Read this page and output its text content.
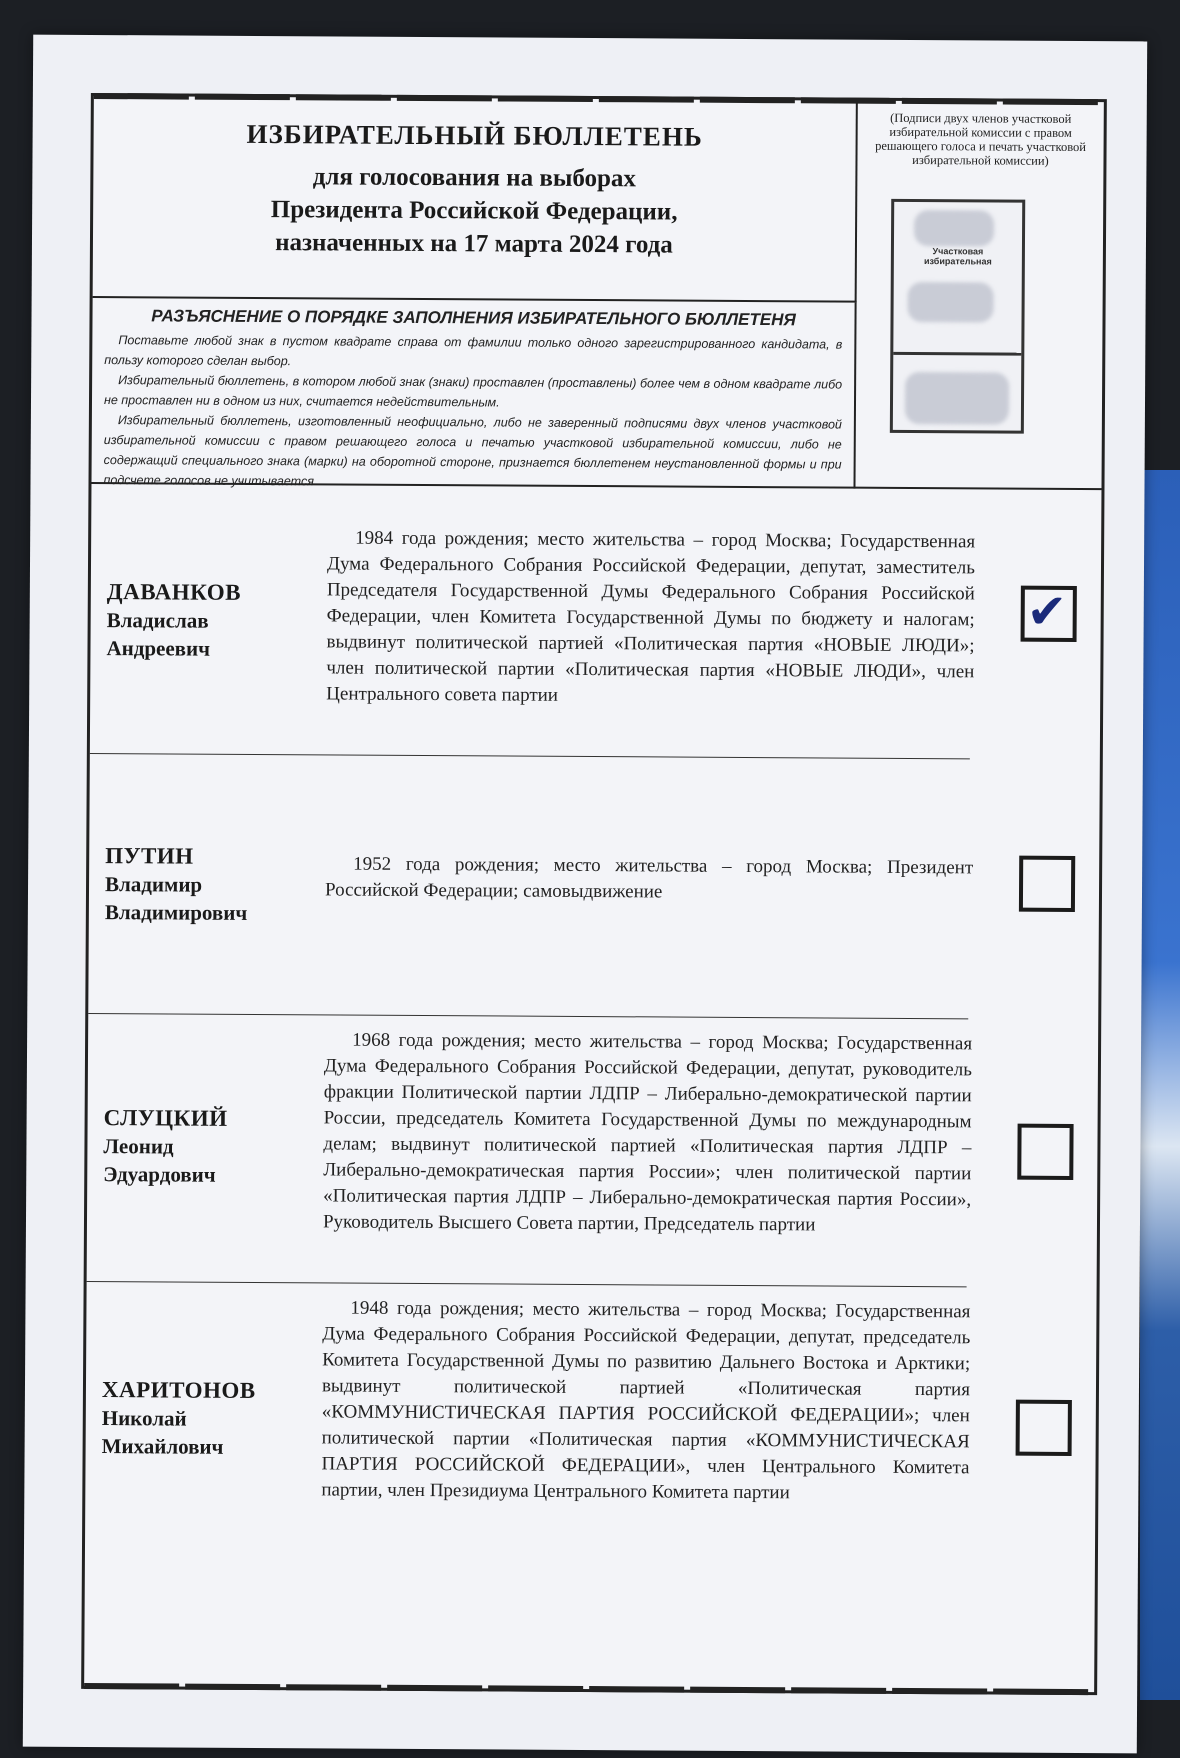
ИЗБИРАТЕЛЬНЫЙ БЮЛЛЕТЕНЬ
для голосования на выборах
Президента Российской Федерации,
назначенных на 17 марта 2024 года
РАЗЪЯСНЕНИЕ О ПОРЯДКЕ ЗАПОЛНЕНИЯ ИЗБИРАТЕЛЬНОГО БЮЛЛЕТЕНЯ

Поставьте любой знак в пустом квадрате справа от фамилии только одного зарегистрированного кандидата, в пользу которого сделан выбор.

Избирательный бюллетень, в котором любой знак (знаки) проставлен (проставлены) более чем в одном квадрате либо не проставлен ни в одном из них, считается недействительным.

Избирательный бюллетень, изготовленный неофициально, либо не заверенный подписями двух членов участковой избирательной комиссии с правом решающего голоса и печатью участковой избирательной комиссии, либо не содержащий специального знака (марки) на оборотной стороне, признается бюллетенем неустановленной формы и при подсчете голосов не учитывается

(Подписи двух членов участковой избирательной комиссии с правом решающего голоса и печать участковой избирательной комиссии)
Участковая избирательная
ДАВАНКОВ
Владислав
Андреевич
1984 года рождения; место жительства – город Москва; Государственная Дума Федерального Собрания Российской Федерации, депутат, заместитель Председателя Государственной Думы Федерального Собрания Российской Федерации, член Комитета Государственной Думы по бюджету и налогам; выдвинут политической партией «Политическая партия «НОВЫЕ ЛЮДИ»; член политической партии «Политическая партия «НОВЫЕ ЛЮДИ», член Центрального совета партии
✔
ПУТИН
Владимир
Владимирович
1952 года рождения; место жительства – город Москва; Президент Российской Федерации; самовыдвижение
СЛУЦКИЙ
Леонид
Эдуардович
1968 года рождения; место жительства – город Москва; Государственная Дума Федерального Собрания Российской Федерации, депутат, руководитель фракции Политической партии ЛДПР – Либерально-демократической партии России, председатель Комитета Государственной Думы по международным делам; выдвинут политической партией «Политическая партия ЛДПР – Либерально-демократическая партия России»; член политической партии «Политическая партия ЛДПР – Либерально-демократическая партия России», Руководитель Высшего Совета партии, Председатель партии
ХАРИТОНОВ
Николай
Михайлович
1948 года рождения; место жительства – город Москва; Государственная Дума Федерального Собрания Российской Федерации, депутат, председатель Комитета Государственной Думы по развитию Дальнего Востока и Арктики; выдвинут политической партией «Политическая партия «КОММУНИСТИЧЕСКАЯ ПАРТИЯ РОССИЙСКОЙ ФЕДЕРАЦИИ»; член политической партии «Политическая партия «КОММУНИСТИЧЕСКАЯ ПАРТИЯ РОССИЙСКОЙ ФЕДЕРАЦИИ», член Центрального Комитета партии, член Президиума Центрального Комитета партии
